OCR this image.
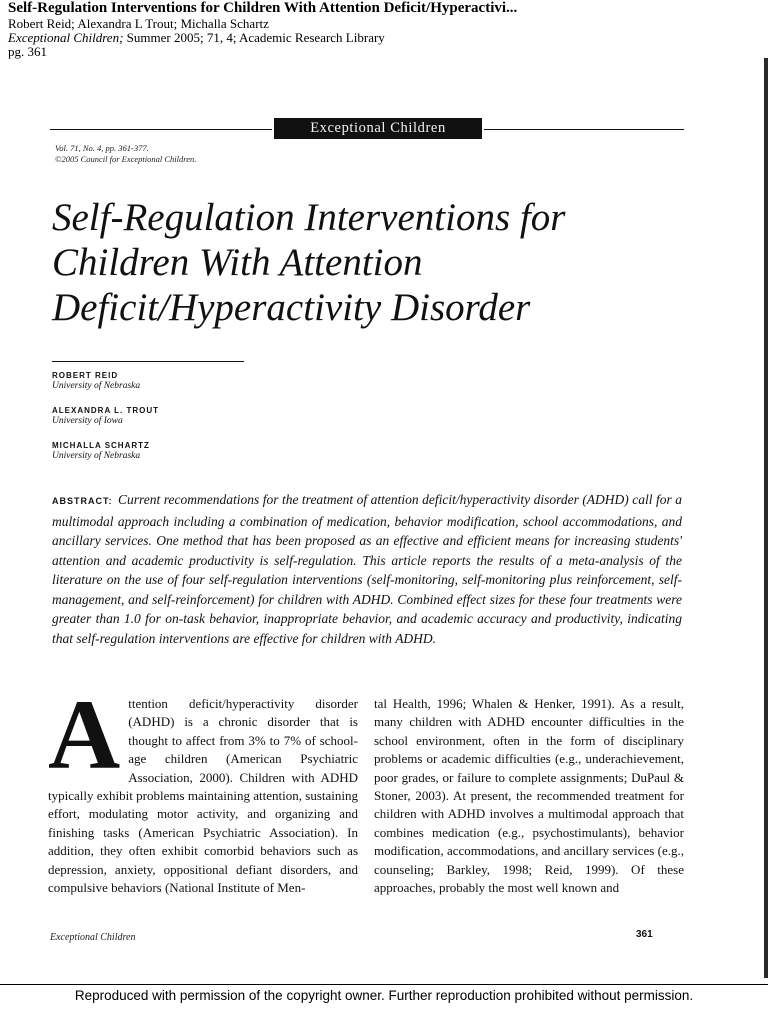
Self-Regulation Interventions for Children With Attention Deficit/Hyperactivi...
Robert Reid; Alexandra L Trout; Michalla Schartz
Exceptional Children; Summer 2005; 71, 4; Academic Research Library
pg. 361
Exceptional Children
Vol. 71, No. 4, pp. 361-377.
©2005 Council for Exceptional Children.
Self-Regulation Interventions for Children With Attention Deficit/Hyperactivity Disorder
ROBERT REID
University of Nebraska
ALEXANDRA L. TROUT
University of Iowa
MICHALLA SCHARTZ
University of Nebraska

ABSTRACT: Current recommendations for the treatment of attention deficit/hyperactivity disorder (ADHD) call for a multimodal approach including a combination of medication, behavior modification, school accommodations, and ancillary services. One method that has been proposed as an effective and efficient means for increasing students' attention and academic productivity is self-regulation. This article reports the results of a meta-analysis of the literature on the use of four self-regulation interventions (self-monitoring, self-monitoring plus reinforcement, self-management, and self-reinforcement) for children with ADHD. Combined effect sizes for these four treatments were greater than 1.0 for on-task behavior, inappropriate behavior, and academic accuracy and productivity, indicating that self-regulation interventions are effective for children with ADHD.

Attention deficit/hyperactivity disorder (ADHD) is a chronic disorder that is thought to affect from 3% to 7% of school-age children (American Psychiatric Association, 2000). Children with ADHD typically exhibit problems maintaining attention, sustaining effort, modulating motor activity, and organizing and finishing tasks (American Psychiatric Association). In addition, they often exhibit comorbid behaviors such as depression, anxiety, oppositional defiant disorders, and compulsive behaviors (National Institute of Men-

tal Health, 1996; Whalen & Henker, 1991). As a result, many children with ADHD encounter difficulties in the school environment, often in the form of disciplinary problems or academic difficulties (e.g., underachievement, poor grades, or failure to complete assignments; DuPaul & Stoner, 2003). At present, the recommended treatment for children with ADHD involves a multimodal approach that combines medication (e.g., psychostimulants), behavior modification, accommodations, and ancillary services (e.g., counseling; Barkley, 1998; Reid, 1999). Of these approaches, probably the most well known and

Exceptional Children	361
Reproduced with permission of the copyright owner. Further reproduction prohibited without permission.
